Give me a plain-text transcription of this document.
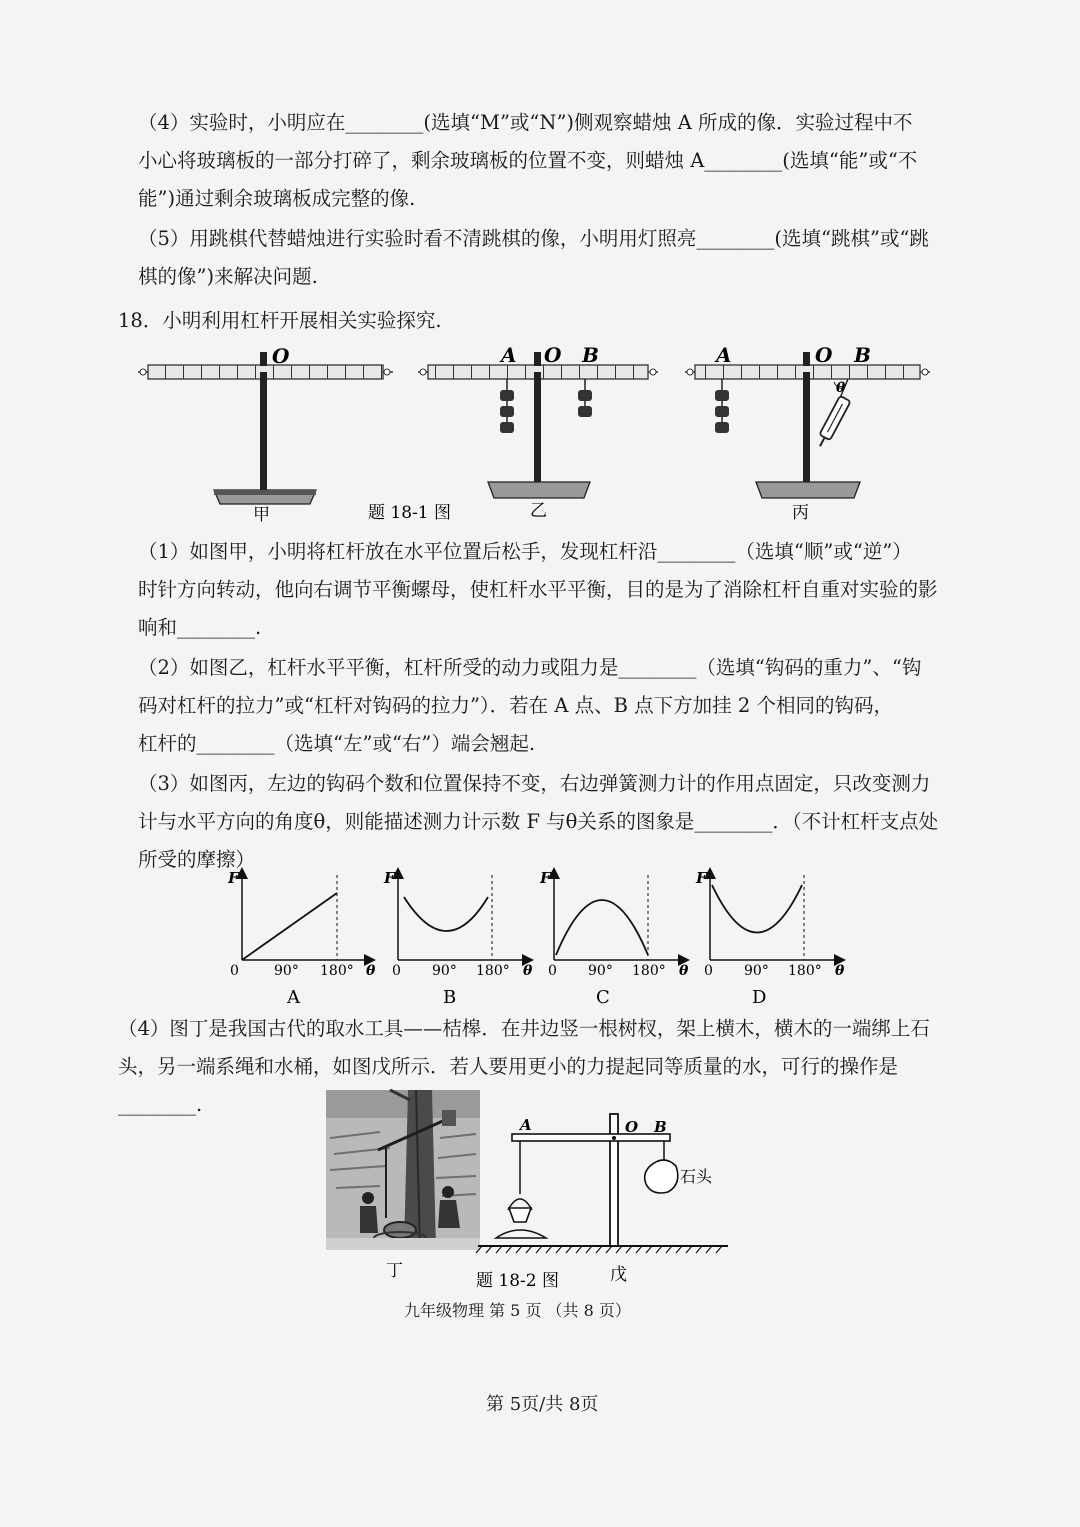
（4）实验时，小明应在________(选填“M”或“N”)侧观察蜡烛 A 所成的像．实验过程中不

小心将玻璃板的一部分打碎了，剩余玻璃板的位置不变，则蜡烛 A________(选填“能”或“不

能”)通过剩余玻璃板成完整的像.

（5）用跳棋代替蜡烛进行实验时看不清跳棋的像，小明用灯照亮________(选填“跳棋”或“跳

棋的像”)来解决问题.

18．小明利用杠杆开展相关实验探究.

O
甲
A O B
乙
A	O B
θ
丙
题 18-1 图

（1）如图甲，小明将杠杆放在水平位置后松手，发现杠杆沿________（选填“顺”或“逆”）

时针方向转动，他向右调节平衡螺母，使杠杆水平平衡，目的是为了消除杠杆自重对实验的影

响和________.

（2）如图乙，杠杆水平平衡，杠杆所受的动力或阻力是________（选填“钩码的重力”、“钩

码对杠杆的拉力”或“杠杆对钩码的拉力”）．若在 A 点、B 点下方加挂 2 个相同的钩码，

杠杆的________（选填“左”或“右”）端会翘起.

（3）如图丙，左边的钩码个数和位置保持不变，右边弹簧测力计的作用点固定，只改变测力

计与水平方向的角度θ，则能描述测力计示数 F 与θ关系的图象是________．（不计杠杆支点处

所受的摩擦）

F
0	90° 180° θ
A
F
0 90° 180° θ
B
F
0 90° 180° θ
C
F
0 90° 180° θ
D

（4）图丁是我国古代的取水工具——桔槔．在井边竖一根树杈，架上横木，横木的一端绑上石

头，另一端系绳和水桶，如图戊所示．若人要用更小的力提起同等质量的水，可行的操作是

________.

丁
A	O B
石头
戊
题 18-2 图
九年级物理 第 5 页 （共 8 页）
第 5页/共 8页
